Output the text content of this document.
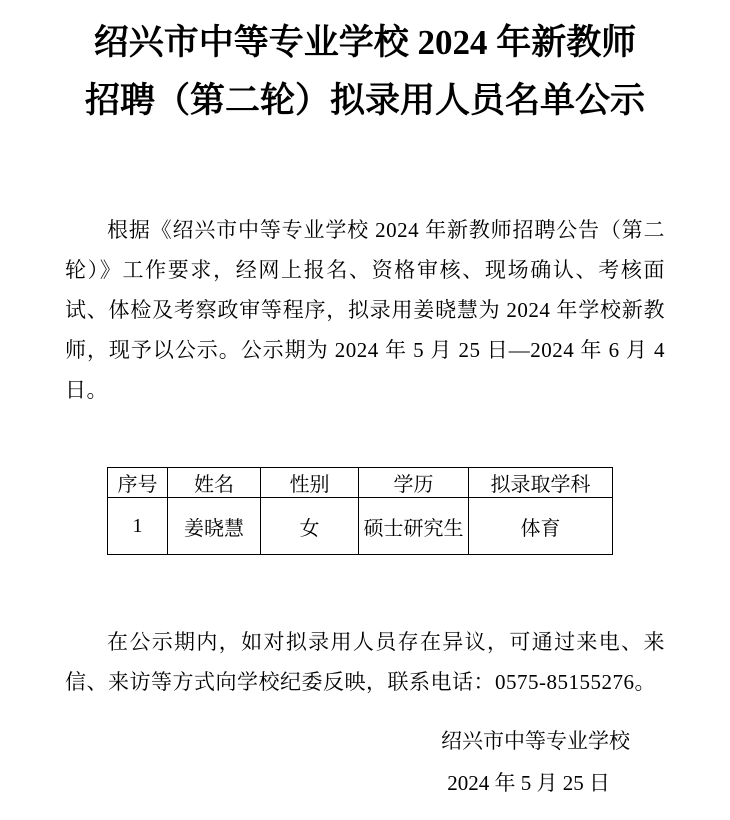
绍兴市中等专业学校 2024 年新教师
招聘（第二轮）拟录用人员名单公示

根据《绍兴市中等专业学校 2024 年新教师招聘公告（第二轮）》工作要求，经网上报名、资格审核、现场确认、考核面试、体检及考察政审等程序，拟录用姜晓慧为 2024 年学校新教师，现予以公示。公示期为 2024 年 5 月 25 日—2024 年 6 月 4 日。

序号	姓名	性别	学历	拟录取学科
1	姜晓慧	女	硕士研究生	体育

在公示期内，如对拟录用人员存在异议，可通过来电、来信、来访等方式向学校纪委反映，联系电话：0575-85155276。

绍兴市中等专业学校
2024 年 5 月 25 日
